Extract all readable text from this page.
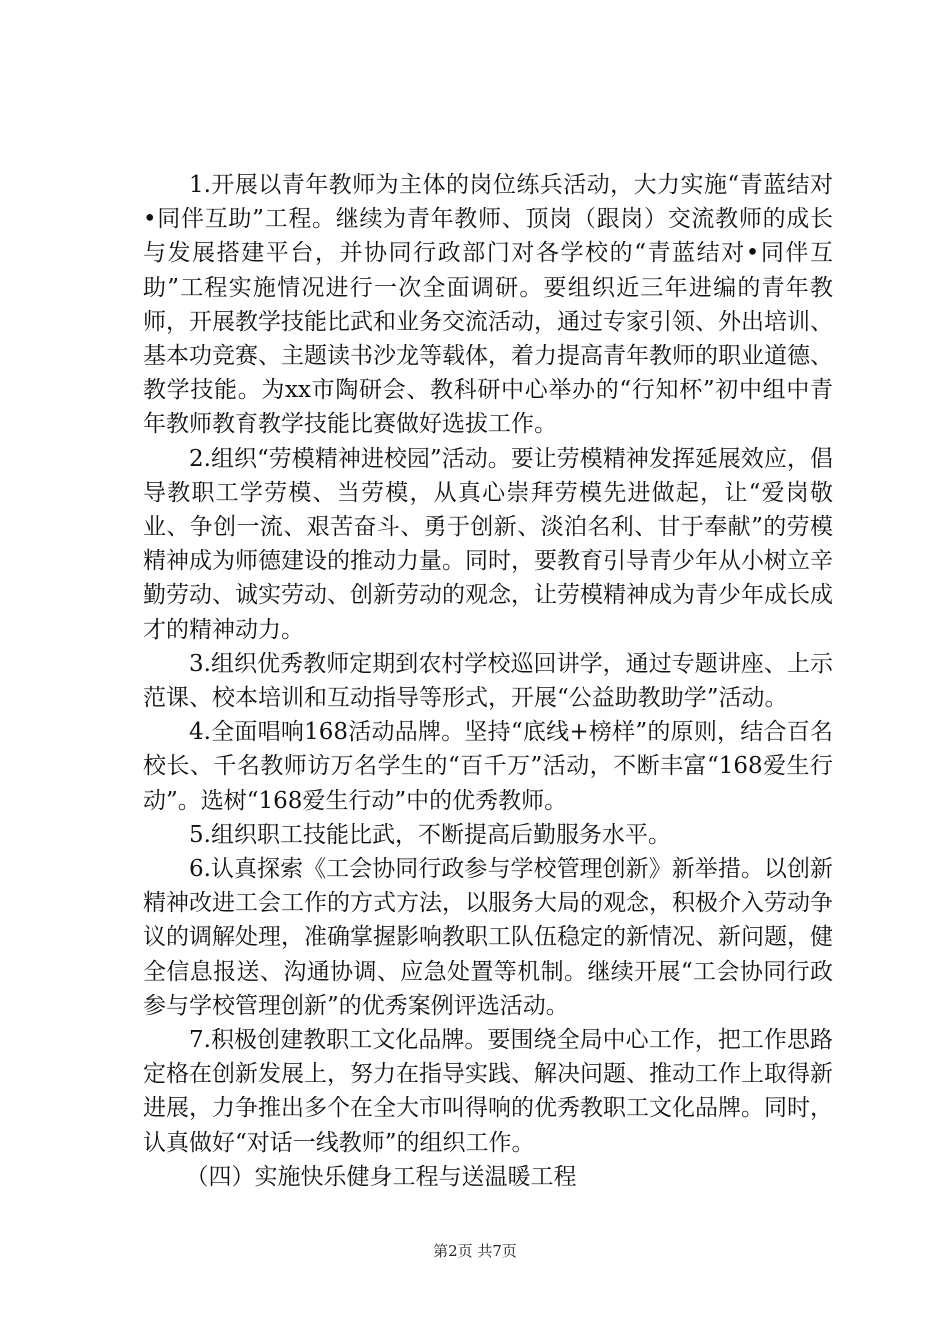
1.开展以青年教师为主体的岗位练兵活动，大力实施“青蓝结对•同伴互助”工程。继续为青年教师、顶岗（跟岗）交流教师的成长与发展搭建平台，并协同行政部门对各学校的“青蓝结对•同伴互助”工程实施情况进行一次全面调研。要组织近三年进编的青年教师，开展教学技能比武和业务交流活动，通过专家引领、外出培训、基本功竞赛、主题读书沙龙等载体，着力提高青年教师的职业道德、教学技能。为xx市陶研会、教科研中心举办的“行知杯”初中组中青年教师教育教学技能比赛做好选拔工作。

2.组织“劳模精神进校园”活动。要让劳模精神发挥延展效应，倡导教职工学劳模、当劳模，从真心崇拜劳模先进做起，让“爱岗敬业、争创一流、艰苦奋斗、勇于创新、淡泊名利、甘于奉献”的劳模精神成为师德建设的推动力量。同时，要教育引导青少年从小树立辛勤劳动、诚实劳动、创新劳动的观念，让劳模精神成为青少年成长成才的精神动力。

3.组织优秀教师定期到农村学校巡回讲学，通过专题讲座、上示范课、校本培训和互动指导等形式，开展“公益助教助学”活动。

4.全面唱响168活动品牌。坚持“底线+榜样”的原则，结合百名校长、千名教师访万名学生的“百千万”活动，不断丰富“168爱生行动”。选树“168爱生行动”中的优秀教师。

5.组织职工技能比武，不断提高后勤服务水平。

6.认真探索《工会协同行政参与学校管理创新》新举措。以创新精神改进工会工作的方式方法，以服务大局的观念，积极介入劳动争议的调解处理，准确掌握影响教职工队伍稳定的新情况、新问题，健全信息报送、沟通协调、应急处置等机制。继续开展“工会协同行政参与学校管理创新”的优秀案例评选活动。

7.积极创建教职工文化品牌。要围绕全局中心工作，把工作思路定格在创新发展上，努力在指导实践、解决问题、推动工作上取得新进展，力争推出多个在全大市叫得响的优秀教职工文化品牌。同时，认真做好“对话一线教师”的组织工作。

（四）实施快乐健身工程与送温暖工程

第2页 共7页
